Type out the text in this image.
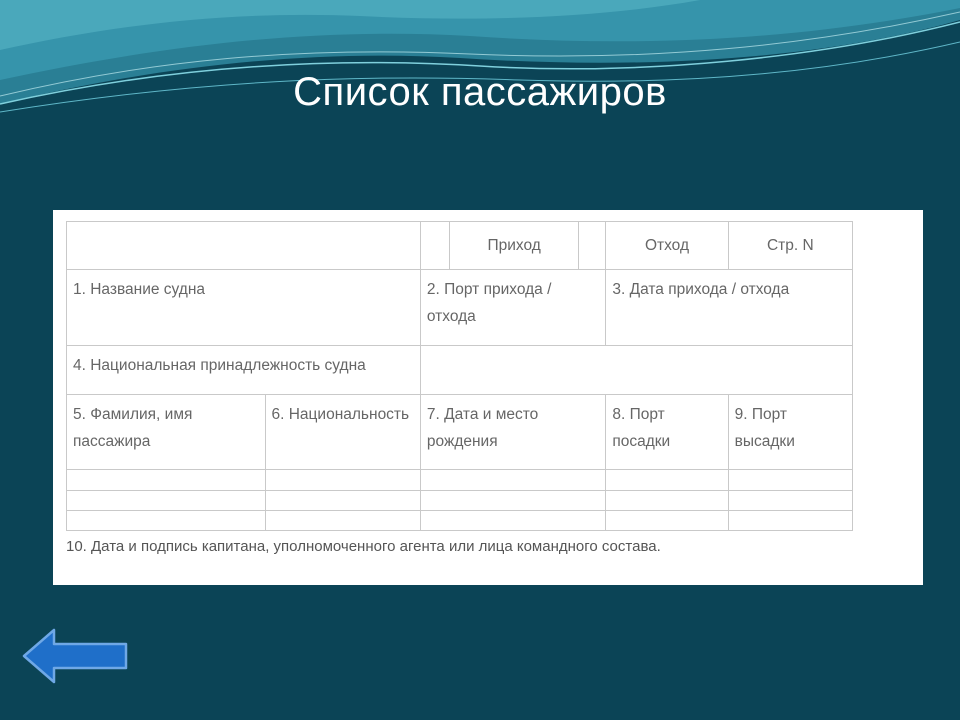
Список пассажиров
			Приход		Отход	Стр. N
1. Название судна		2. Порт прихода / отхода			3. Дата прихода / отхода	
4. Национальная принадлежность судна						
5. Фамилия, имя пассажира	6. Национальность	7. Дата и место рождения			8. Порт посадки	9. Порт высадки

10. Дата и подпись капитана, уполномоченного агента или лица командного состава.
